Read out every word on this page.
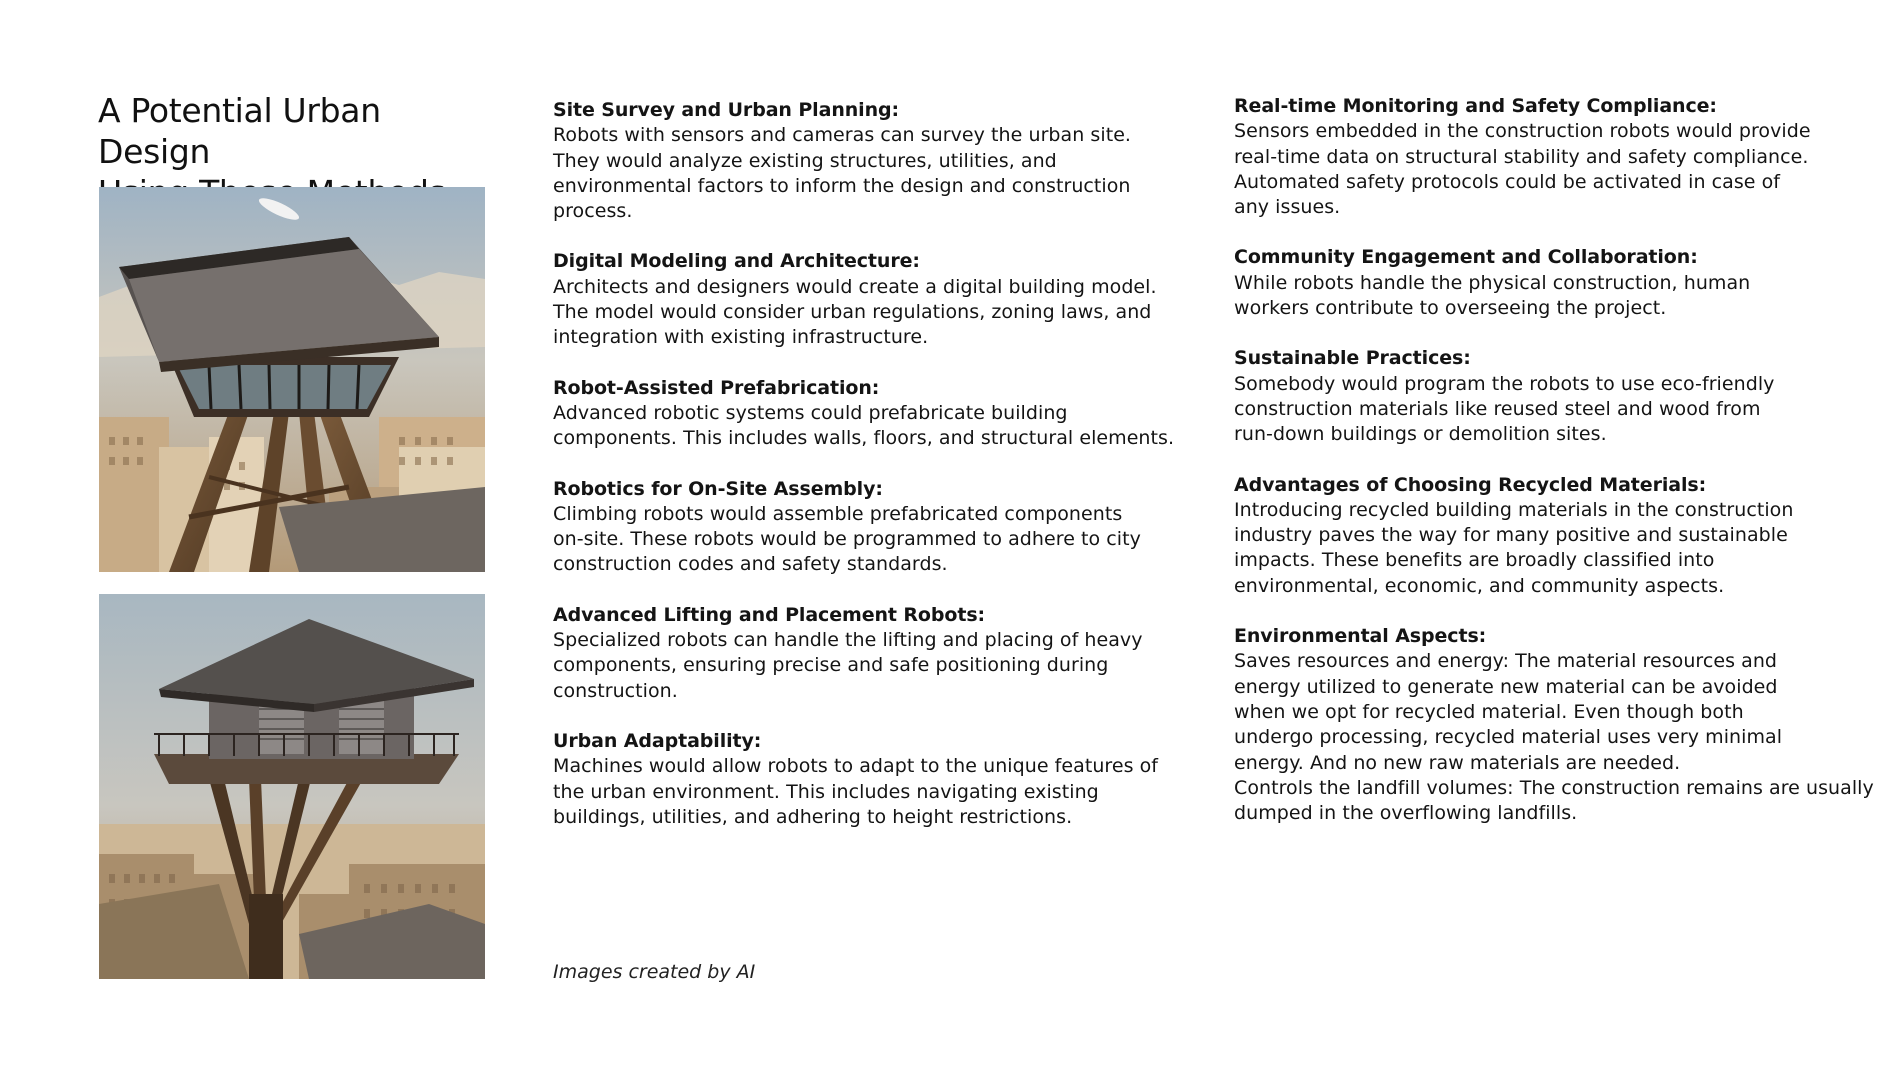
A Potential Urban Design

Site Survey and Urban Planning:
Robots with sensors and cameras can survey the urban site.
They would analyze existing structures, utilities, and
environmental factors to inform the design and construction
process.
Digital Modeling and Architecture:
Architects and designers would create a digital building model.
The model would consider urban regulations, zoning laws, and
integration with existing infrastructure.
Robot-Assisted Prefabrication:
Advanced robotic systems could prefabricate building
components. This includes walls, floors, and structural elements.
Robotics for On-Site Assembly:
Climbing robots would assemble prefabricated components
on-site. These robots would be programmed to adhere to city
construction codes and safety standards.
Advanced Lifting and Placement Robots:
Specialized robots can handle the lifting and placing of heavy
components, ensuring precise and safe positioning during
construction.
Urban Adaptability:
Machines would allow robots to adapt to the unique features of
the urban environment. This includes navigating existing
buildings, utilities, and adhering to height restrictions.
Real-time Monitoring and Safety Compliance:
Sensors embedded in the construction robots would provide
real-time data on structural stability and safety compliance.
Automated safety protocols could be activated in case of
any issues.
Community Engagement and Collaboration:
While robots handle the physical construction, human
workers contribute to overseeing the project.
Sustainable Practices:
Somebody would program the robots to use eco-friendly
construction materials like reused steel and wood from
run-down buildings or demolition sites.
Advantages of Choosing Recycled Materials:
Introducing recycled building materials in the construction
industry paves the way for many positive and sustainable
impacts. These benefits are broadly classified into
environmental, economic, and community aspects.
Environmental Aspects:
Saves resources and energy: The material resources and
energy utilized to generate new material can be avoided
when we opt for recycled material. Even though both
undergo processing, recycled material uses very minimal
energy. And no new raw materials are needed.
Controls the landfill volumes: The construction remains are usually
dumped in the overflowing landfills.
Images created by AI
